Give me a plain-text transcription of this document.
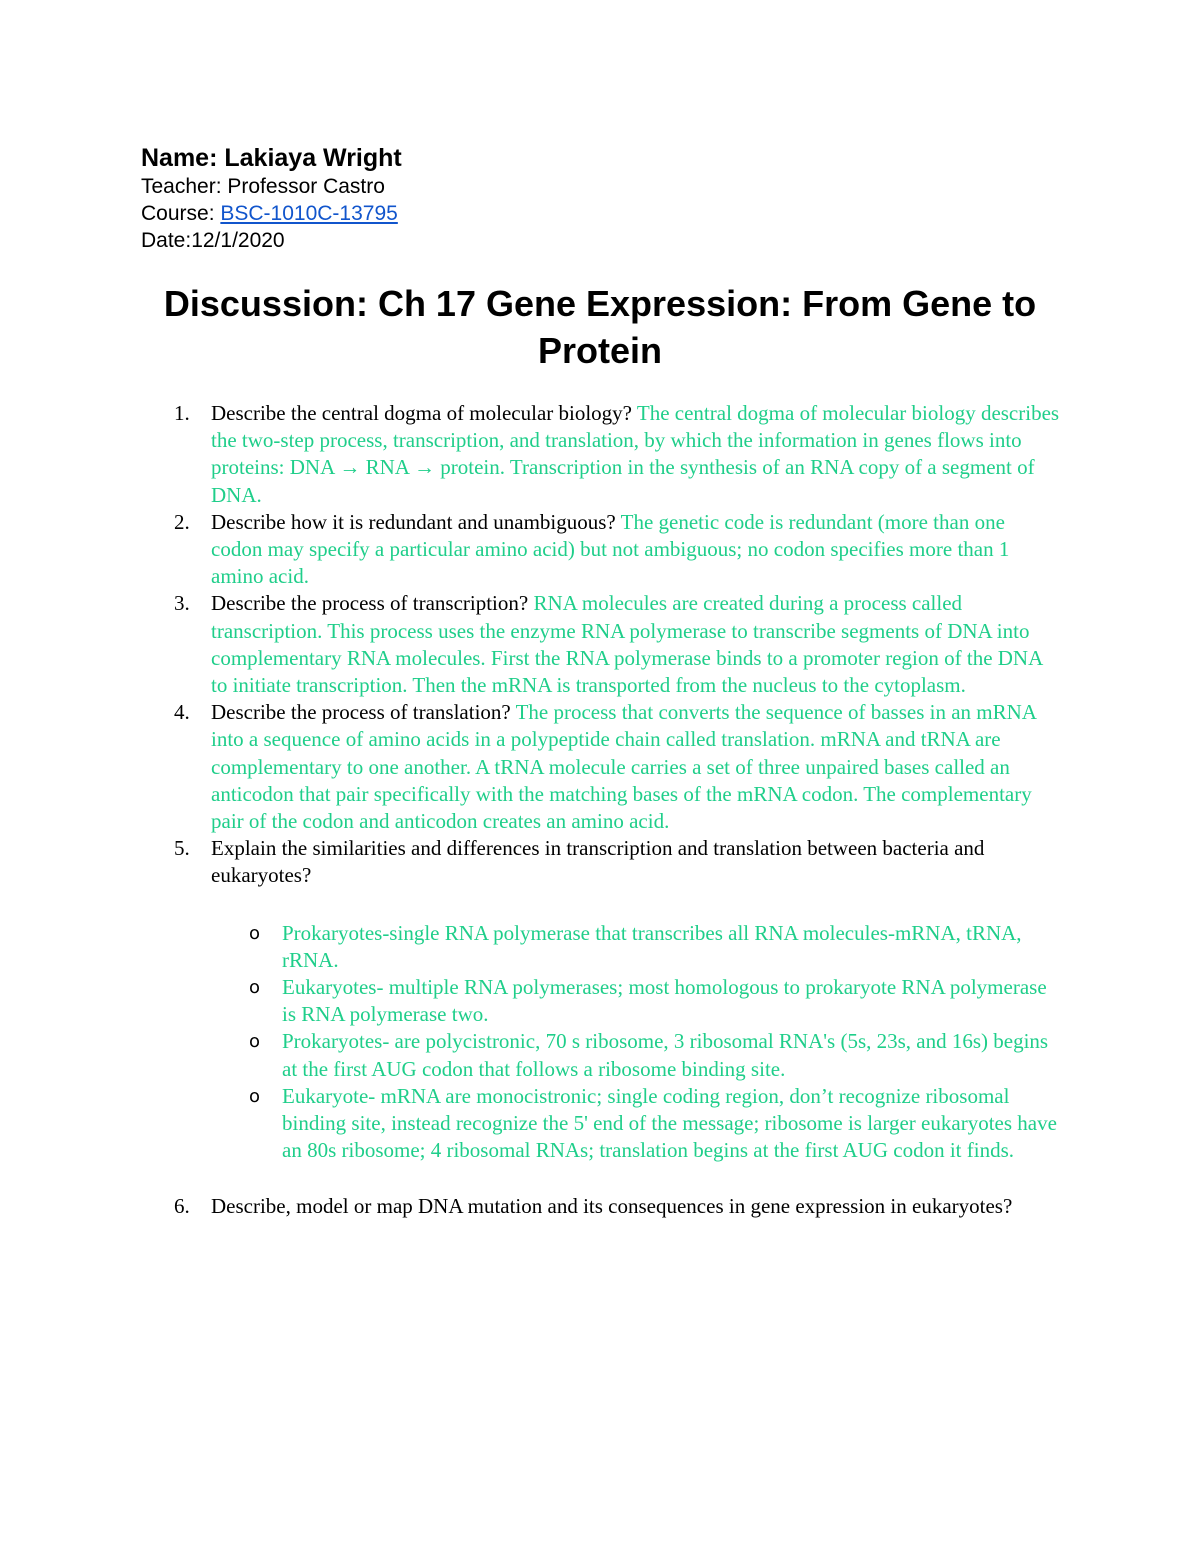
Name: Lakiaya Wright
Teacher: Professor Castro
Course: BSC-1010C-13795
Date:12/1/2020
Discussion: Ch 17 Gene Expression: From Gene to Protein
1.	Describe the central dogma of molecular biology? The central dogma of molecular biology describes the two-step process, transcription, and translation, by which the information in genes flows into proteins: DNA → RNA → protein. Transcription in the synthesis of an RNA copy of a segment of DNA.
2.	Describe how it is redundant and unambiguous? The genetic code is redundant (more than one codon may specify a particular amino acid) but not ambiguous; no codon specifies more than 1 amino acid.
3.	Describe the process of transcription? RNA molecules are created during a process called transcription. This process uses the enzyme RNA polymerase to transcribe segments of DNA into complementary RNA molecules. First the RNA polymerase binds to a promoter region of the DNA to initiate transcription. Then the mRNA is transported from the nucleus to the cytoplasm.
4.	Describe the process of translation? The process that converts the sequence of basses in an mRNA into a sequence of amino acids in a polypeptide chain called translation. mRNA and tRNA are complementary to one another. A tRNA molecule carries a set of three unpaired bases called an anticodon that pair specifically with the matching bases of the mRNA codon. The complementary pair of the codon and anticodon creates an amino acid.
5.	Explain the similarities and differences in transcription and translation between bacteria and eukaryotes?
o	Prokaryotes-single RNA polymerase that transcribes all RNA molecules-mRNA, tRNA, rRNA.
o	Eukaryotes- multiple RNA polymerases; most homologous to prokaryote RNA polymerase is RNA polymerase two.
o	Prokaryotes- are polycistronic, 70 s ribosome, 3 ribosomal RNA's (5s, 23s, and 16s) begins at the first AUG codon that follows a ribosome binding site.
o	Eukaryote- mRNA are monocistronic; single coding region, don’t recognize ribosomal binding site, instead recognize the 5' end of the message; ribosome is larger eukaryotes have an 80s ribosome; 4 ribosomal RNAs; translation begins at the first AUG codon it finds.
6.	Describe, model or map DNA mutation and its consequences in gene expression in eukaryotes?
